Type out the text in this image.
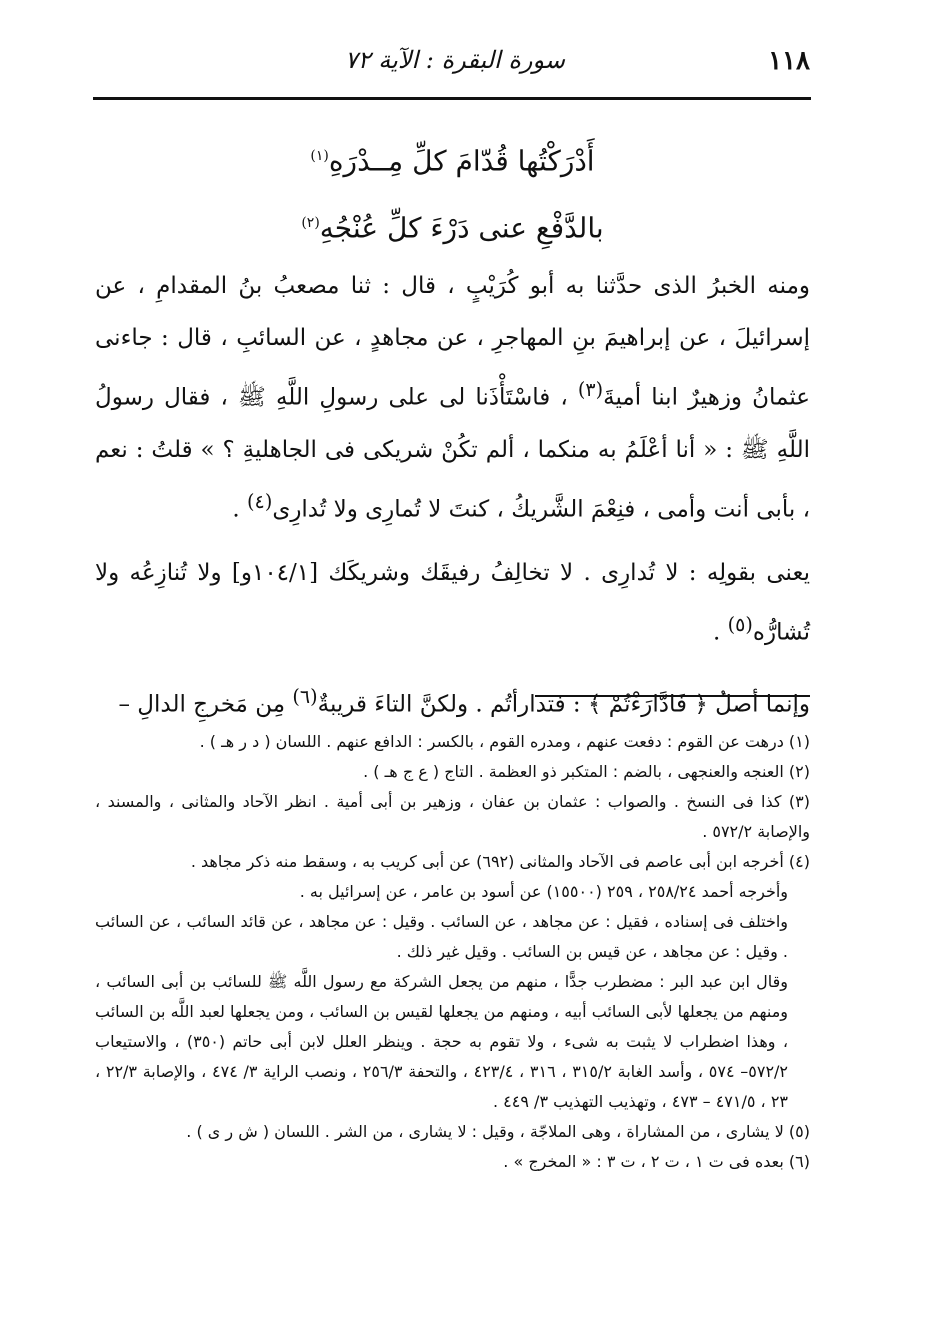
١١٨
سورة البقرة : الآية ٧٢
أَدْرَكْتُها قُدّامَ كلِّ مِــدْرَهِ$^{(١)}$
بالدَّفْعِ عنى دَرْءَ كلِّ عُنْجُهِ$^{(٢)}$

ومنه الخبرُ الذى حدَّثنا به أبو كُرَيْبٍ ، قال : ثنا مصعبُ بنُ المقدامِ ، عن إسرائيلَ ، عن إبراهيمَ بنِ المهاجرِ ، عن مجاهدٍ ، عن السائبِ ، قال : جاءنى عثمانُ وزهيرٌ ابنا أميةَ$^{(٣)}$ ، فاسْتَأْذَنا لى على رسولِ اللَّهِ ﷺ ، فقال رسولُ اللَّهِ ﷺ : « أنا أعْلَمُ به منكما ، ألم تكُنْ شريكى فى الجاهليةِ ؟ » قلتُ : نعم ، بأبى أنت وأمى ، فنِعْمَ الشَّريكُ ، كنتَ لا تُمارِى ولا تُدارِى$^{(٤)}$ .

يعنى بقولِه : لا تُدارِى . لا تخالِفُ رفيقَك وشريكَك [١٠٤/١و] ولا تُنازِعُه ولا تُشارُّه$^{(٥)}$ .

وإنما أصلُ ﴿ فَادَّارَءْتُمْ ﴾ : فتدارأتُم . ولكنَّ التاءَ قريبةٌ$^{(٦)}$ مِن مَخرجِ الدالِ –

(١) درهت عن القوم : دفعت عنهم ، ومدره القوم ، بالكسر : الدافع عنهم . اللسان ( د ر هـ ) .

(٢) العنجه والعنجهى ، بالضم : المتكبر ذو العظمة . التاج ( ع ج هـ ) .

(٣) كذا فى النسخ . والصواب : عثمان بن عفان ، وزهير بن أبى أمية . انظر الآحاد والمثانى ، والمسند ، والإصابة ٥٧٢/٢ .

(٤) أخرجه ابن أبى عاصم فى الآحاد والمثانى (٦٩٢) عن أبى كريب به ، وسقط منه ذكر مجاهد .

وأخرجه أحمد ٢٥٨/٢٤ ، ٢٥٩ (١٥٥٠٠) عن أسود بن عامر ، عن إسرائيل به .

واختلف فى إسناده ، فقيل : عن مجاهد ، عن السائب . وقيل : عن مجاهد ، عن قائد السائب ، عن السائب . وقيل : عن مجاهد ، عن قيس بن السائب . وقيل غير ذلك .

وقال ابن عبد البر : مضطرب جدًّا ، منهم من يجعل الشركة مع رسول اللَّه ﷺ للسائب بن أبى السائب ، ومنهم من يجعلها لأبى السائب أبيه ، ومنهم من يجعلها لقيس بن السائب ، ومن يجعلها لعبد اللَّه بن السائب ، وهذا اضطراب لا يثبت به شىء ، ولا تقوم به حجة . وينظر العلل لابن أبى حاتم (٣٥٠) ، والاستيعاب ٥٧٢/٢– ٥٧٤ ، وأسد الغابة ٣١٥/٢ ، ٣١٦ ، ٤٢٣/٤ ، والتحفة ٢٥٦/٣ ، ونصب الراية ٣/ ٤٧٤ ، والإصابة ٢٢/٣ ، ٢٣ ، ٤٧١/٥ – ٤٧٣ ، وتهذيب التهذيب ٣/ ٤٤٩ .

(٥) لا يشارى ، من المشاراة ، وهى الملاجّة ، وقيل : لا يشارى ، من الشر . اللسان ( ش ر ى ) .

(٦) بعده فى ت ١ ، ت ٢ ، ت ٣ : « المخرج » .
